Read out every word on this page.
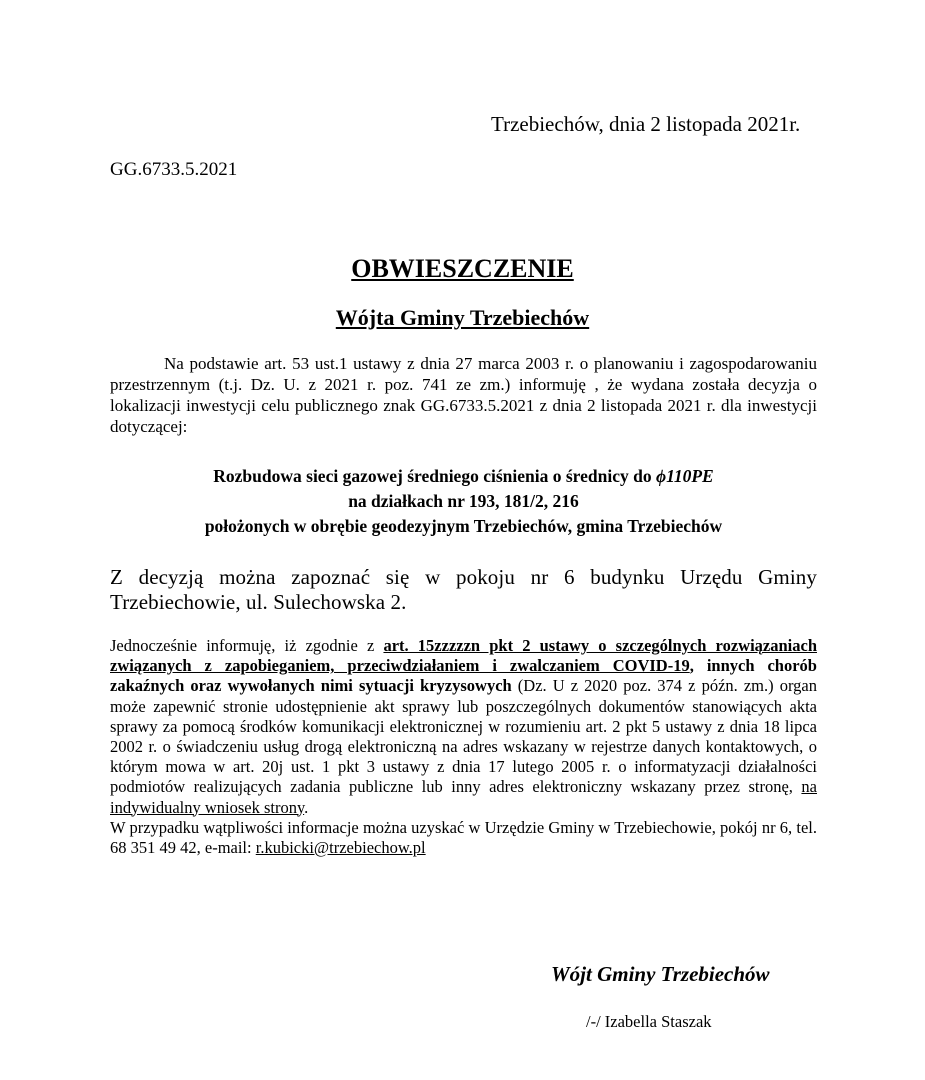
Trzebiechów, dnia 2 listopada 2021r.
GG.6733.5.2021
OBWIESZCZENIE
Wójta Gminy Trzebiechów
Na podstawie art. 53 ust.1 ustawy z dnia 27 marca 2003 r. o planowaniu i zagospodarowaniu przestrzennym (t.j. Dz. U. z 2021 r. poz. 741 ze zm.) informuję , że wydana została decyzja o lokalizacji inwestycji celu publicznego znak GG.6733.5.2021 z dnia 2 listopada 2021 r. dla inwestycji dotyczącej:
Rozbudowa sieci gazowej średniego ciśnienia o średnicy do ϕ110PE
na działkach nr 193, 181/2, 216
położonych w obrębie geodezyjnym Trzebiechów, gmina Trzebiechów
Z decyzją można zapoznać się w pokoju nr 6 budynku Urzędu Gminy Trzebiechowie, ul. Sulechowska 2.

Jednocześnie informuję, iż zgodnie z art. 15zzzzzn pkt 2 ustawy o szczególnych rozwiązaniach związanych z zapobieganiem, przeciwdziałaniem i zwalczaniem COVID-19, innych chorób zakaźnych oraz wywołanych nimi sytuacji kryzysowych (Dz. U z 2020 poz. 374 z późn. zm.) organ może zapewnić stronie udostępnienie akt sprawy lub poszczególnych dokumentów stanowiących akta sprawy za pomocą środków komunikacji elektronicznej w rozumieniu art. 2 pkt 5 ustawy z dnia 18 lipca 2002 r. o świadczeniu usług drogą elektroniczną na adres wskazany w rejestrze danych kontaktowych, o którym mowa w art. 20j ust. 1 pkt 3 ustawy z dnia 17 lutego 2005 r. o informatyzacji działalności podmiotów realizujących zadania publiczne lub inny adres elektroniczny wskazany przez stronę, na indywidualny wniosek strony.

W przypadku wątpliwości informacje można uzyskać w Urzędzie Gminy w Trzebiechowie, pokój nr 6, tel. 68 351 49 42, e-mail: r.kubicki@trzebiechow.pl

Wójt Gminy Trzebiechów
/-/ Izabella Staszak
